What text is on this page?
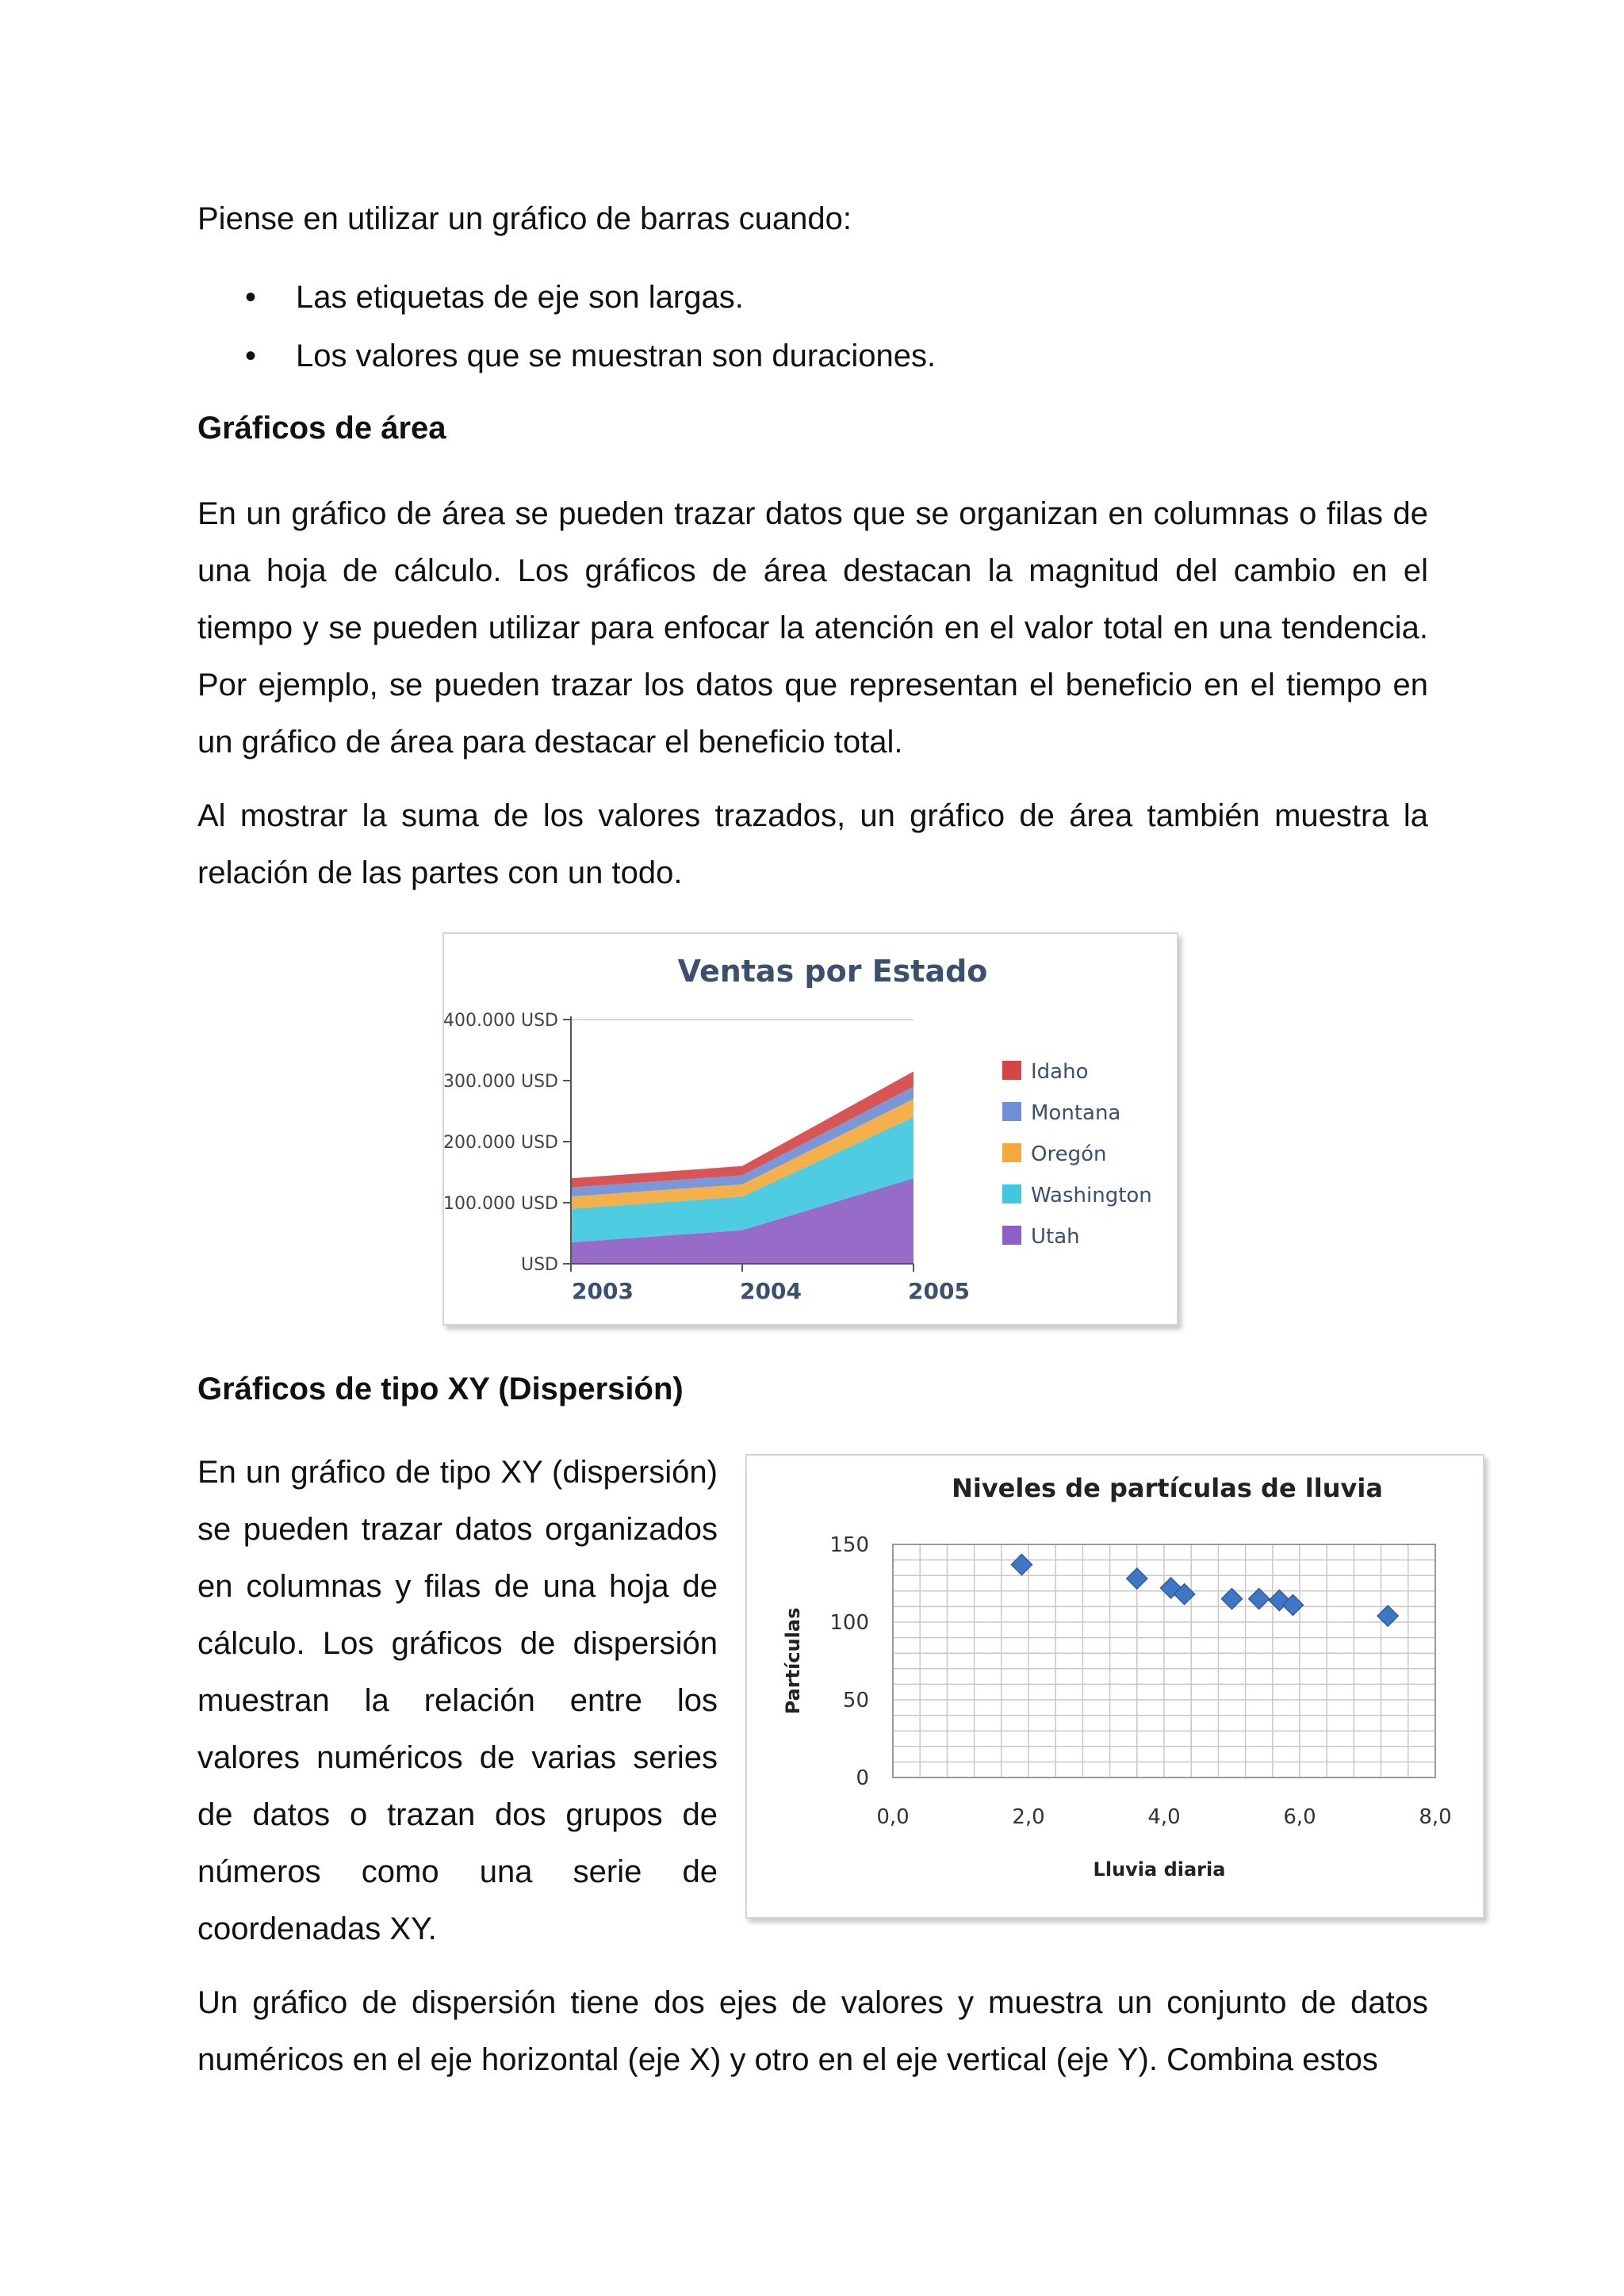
Piense en utilizar un gráfico de barras cuando:

• Las etiquetas de eje son largas.
• Los valores que se muestran son duraciones.
Gráficos de área

En un gráfico de área se pueden trazar datos que se organizan en columnas o filas de una hoja de cálculo. Los gráficos de área destacan la magnitud del cambio en el tiempo y se pueden utilizar para enfocar la atención en el valor total en una tendencia. Por ejemplo, se pueden trazar los datos que representan el beneficio en el tiempo en un gráfico de área para destacar el beneficio total.

Al mostrar la suma de los valores trazados, un gráfico de área también muestra la relación de las partes con un todo.

Ventas por Estado
USD
100.000 USD
200.000 USD
300.000 USD
400.000 USD
2003	2004	2005
Idaho
Montana
Oregón
Washington
Utah
Gráficos de tipo XY (Dispersión)

En un gráfico de tipo XY (dispersión) se pueden trazar datos organizados en columnas y filas de una hoja de cálculo. Los gráficos de dispersión muestran la relación entre los valores numéricos de varias series de datos o trazan dos grupos de números como una serie de coordenadas XY.

Niveles de partículas de lluvia
0
50
100
150
0,0	2,0	4,0	6,0	8,0
Lluvia diaria
Partículas

Un gráfico de dispersión tiene dos ejes de valores y muestra un conjunto de datos numéricos en el eje horizontal (eje X) y otro en el eje vertical (eje Y). Combina estos
